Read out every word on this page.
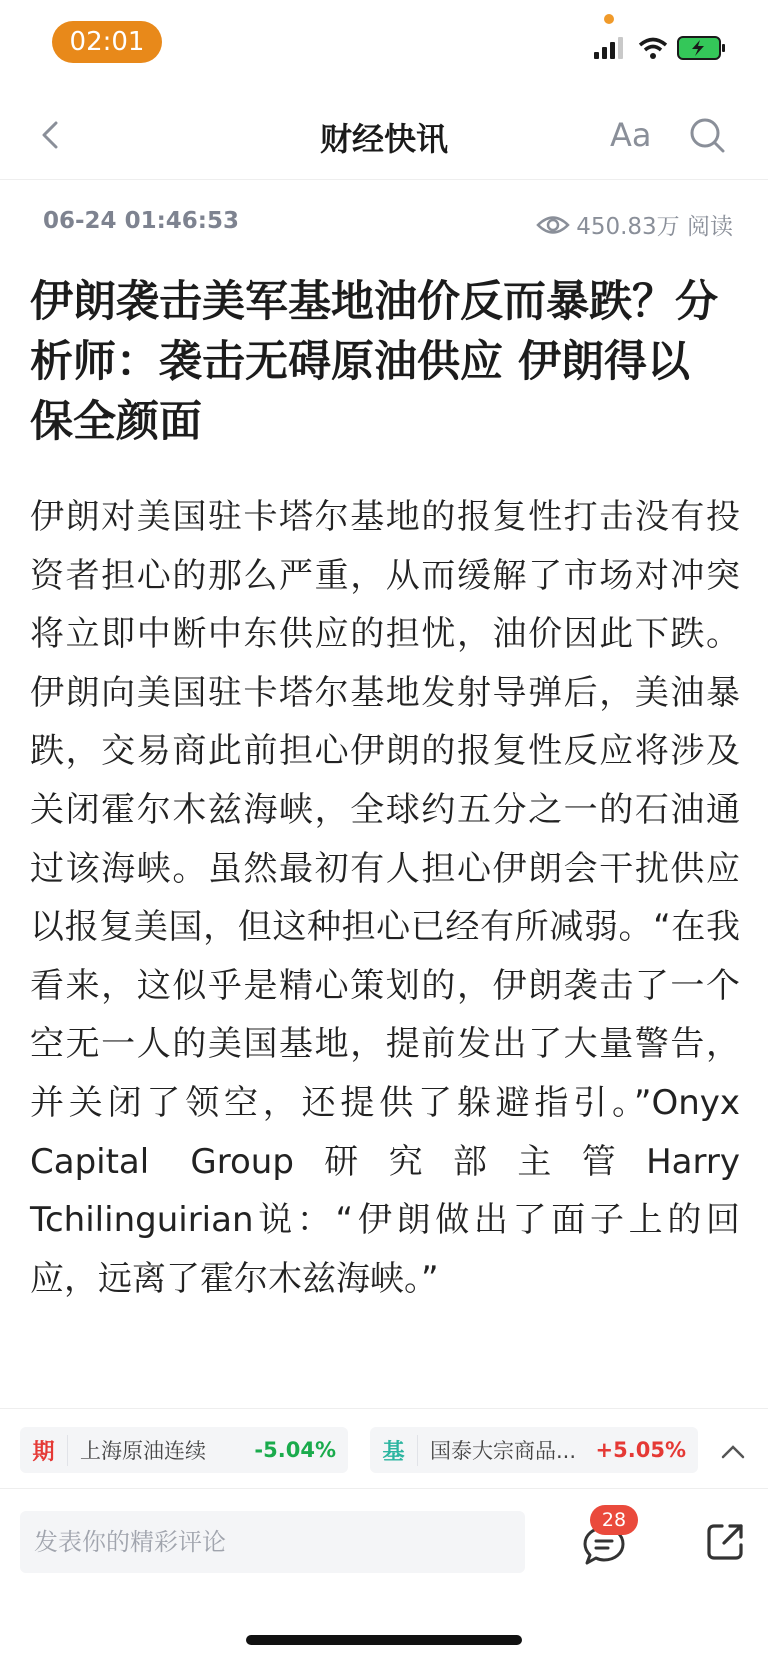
02:01
财经快讯	Aa
06-24 01:46:53	450.83万 阅读
伊朗袭击美军基地油价反而暴跌？分析师：袭击无碍原油供应 伊朗得以保全颜面
伊朗对美国驻卡塔尔基地的报复性打击没有投资者担心的那么严重，从而缓解了市场对冲突将立即中断中东供应的担忧，油价因此下跌。伊朗向美国驻卡塔尔基地发射导弹后，美油暴跌，交易商此前担心伊朗的报复性反应将涉及关闭霍尔木兹海峡，全球约五分之一的石油通过该海峡。虽然最初有人担心伊朗会干扰供应以报复美国，但这种担心已经有所减弱。“在我看来，这似乎是精心策划的，伊朗袭击了一个空无一人的美国基地，提前发出了大量警告，并关闭了领空，还提供了躲避指引。”Onyx Capital Group研究部主管Harry Tchilinguirian说：“伊朗做出了面子上的回应，远离了霍尔木兹海峡。”
期	上海原油连续	-5.04%	基	国泰大宗商品... +5.05%
发表你的精彩评论
28
